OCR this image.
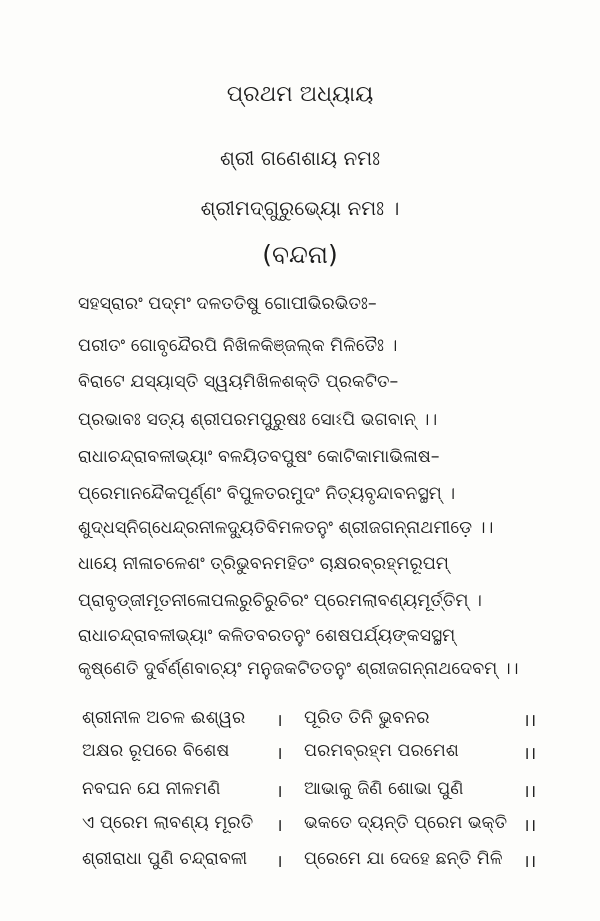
ପ୍ରଥମ ଅଧ୍ୟାୟ
ଶ୍ରୀ ଗଣେଶାୟ ନମଃ
ଶ୍ରୀମଦ୍‌ଗୁରୁଭ୍ୟୋ ନମଃ ।
(ବନ୍ଦନା)
ସହସ୍ରାରଂ ପଦ୍ମଂ ଦଳତତିଷୁ ଗୋପୀଭିରଭିତଃ–
ପରୀତଂ ଗୋବୃନ୍ଦୈରପି ନିଖିଳକିଞ୍ଜଲ୍କ ମିଳିତୈଃ ।
ବିରାଟେ ଯସ୍ୟାସ୍ତି ସ୍ୱୟମିଖିଳଶକ୍ତି ପ୍ରକଟିତ–
ପ୍ରଭାବଃ ସତ୍ୟ ଶ୍ରୀପରମପୁରୁଷଃ ସୋଽପି ଭଗବାନ୍ ।।
ରାଧାଚନ୍ଦ୍ରାବଳୀଭ୍ୟାଂ ବଳୟିତବପୁଷଂ କୋଟିକାମାଭିଳାଷ–
ପ୍ରେମାନନ୍ଦୈକପୂର୍ଣ୍ଣଂ ବିପୁଳତରମୁଦଂ ନିତ୍ୟବୃନ୍ଦାବନସ୍ଥମ୍ ।
ଶୁଦ୍ଧସ୍ନିଗ୍ଧେନ୍ଦ୍ରନୀଳଦ୍ୟୁତିବିମଳତନୁଂ ଶ୍ରୀଜଗନ୍ନାଥମୀଡ଼େ ।।
ଧାୟେ ନୀଳାଚଳେଶଂ ତ୍ରିଭୁବନମହିତଂ ଚାକ୍ଷରବ୍ରହ୍ମରୂପମ୍
ପ୍ରାବୃଡ୍‌ଜୀମୂତନୀଳୋପଲରୁଚିରୁଚିରଂ ପ୍ରେମଲାବଣ୍ୟମୂର୍ତ୍ତିମ୍ ।
ରାଧାଚନ୍ଦ୍ରାବଳୀଭ୍ୟାଂ କଳିତବରତନୁଂ ଶେଷପର୍ଯ୍ୟଙ୍କସସ୍ଥମ୍
କୃଷ୍ଣେତି ଦୁର୍ବର୍ଣ୍ଣବାଚ୍ୟଂ ମନୁଜକଟିତତନୁଂ ଶ୍ରୀଜଗନ୍ନାଥଦେବମ୍ ।।
ଶ୍ରୀନୀଳ ଅଚଳ ଈଶ୍ୱର । ପୂରିତ ତିନି ଭୁବନର	।।
ଅକ୍ଷର ରୂପରେ ବିଶେଷ	। ପରମବ୍ରହ୍ମ ପରମେଶ	।।
ନବଘନ ଯେ ନୀଳମଣି	। ଆଭାକୁ ଜିଣି ଶୋଭା ପୁଣି	।।
ଏ ପ୍ରେମ ଲାବଣ୍ୟ ମୂରତି । ଭକତେ ଦ୍ୟନ୍ତି ପ୍ରେମ ଭକ୍ତି ।।
ଶ୍ରୀରାଧା ପୁଣି ଚନ୍ଦ୍ରାବଳୀ । ପ୍ରେମେ ଯା ଦେହେ ଛନ୍ତି ମିଳି ।।
